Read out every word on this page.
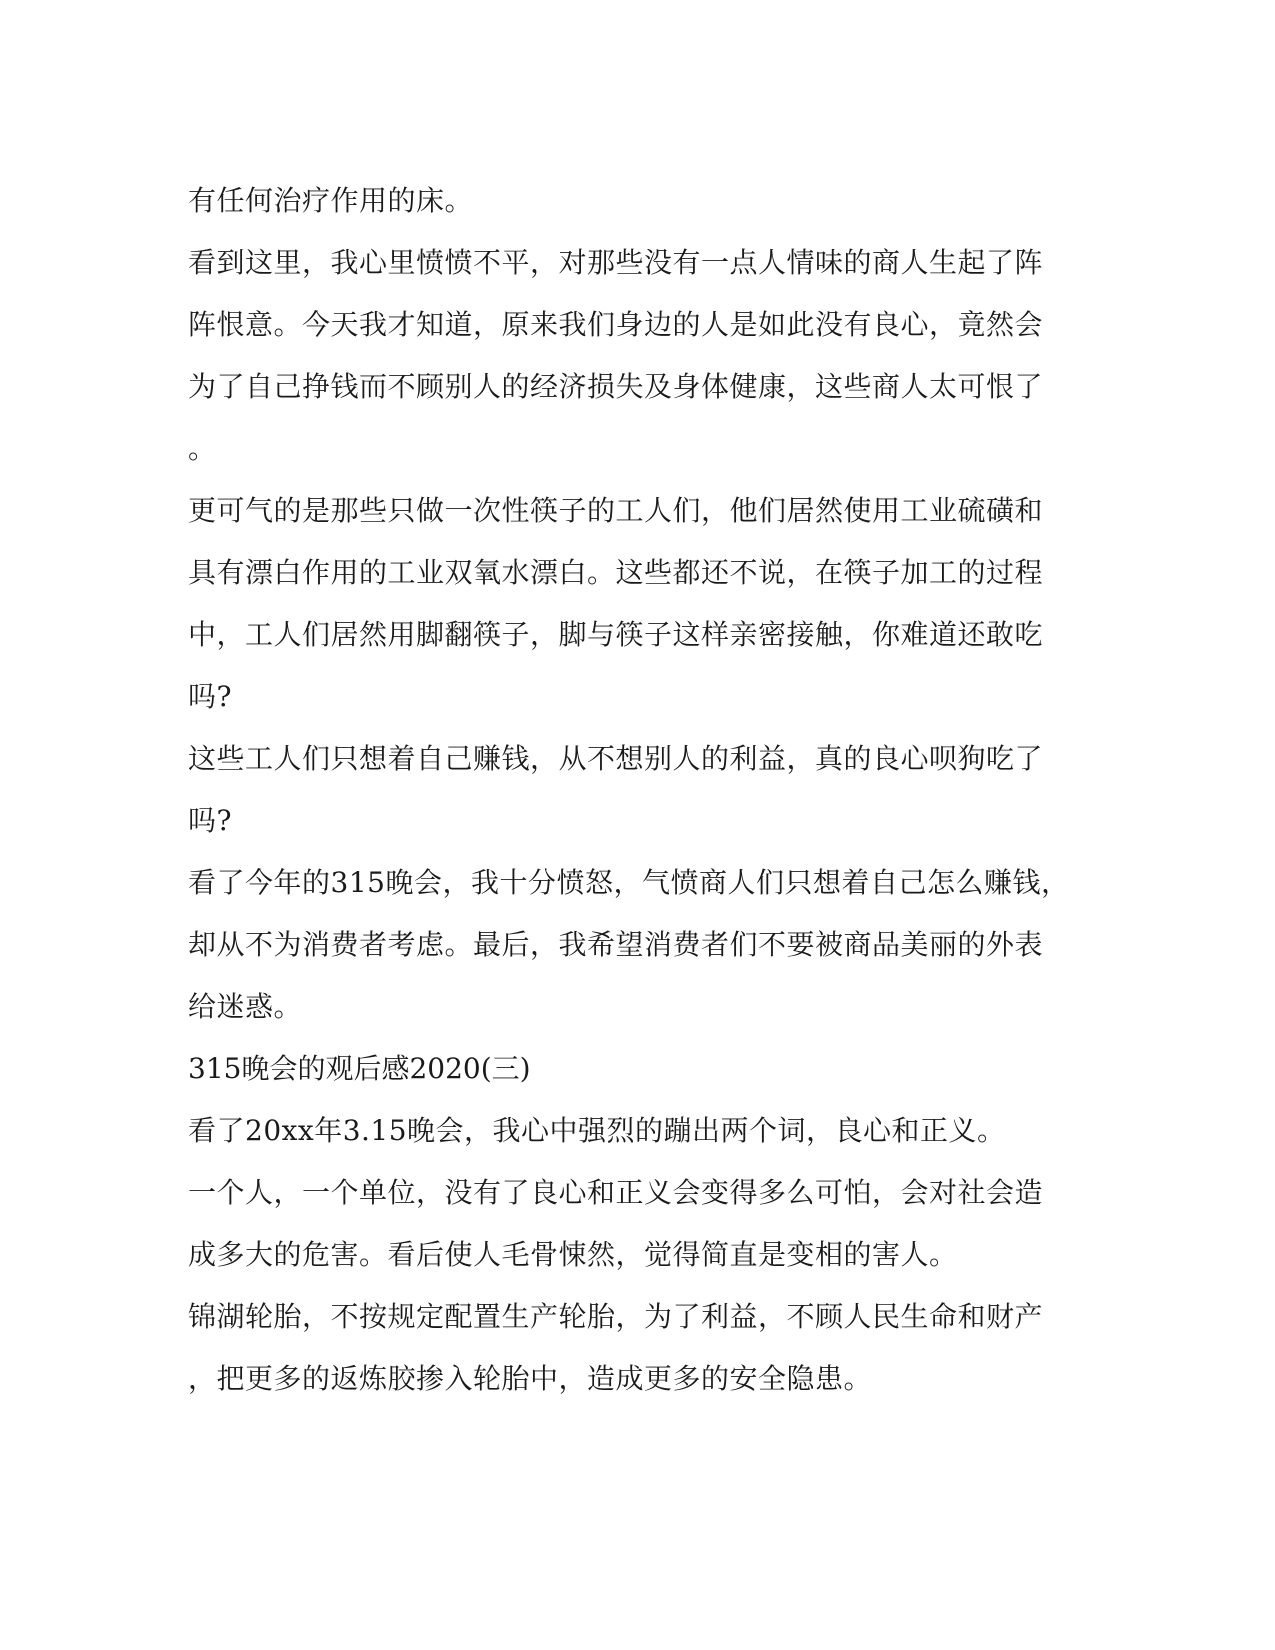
有任何治疗作用的床。
看到这里，我心里愤愤不平，对那些没有一点人情味的商人生起了阵
阵恨意。今天我才知道，原来我们身边的人是如此没有良心，竟然会
为了自己挣钱而不顾别人的经济损失及身体健康，这些商人太可恨了
。
更可气的是那些只做一次性筷子的工人们，他们居然使用工业硫磺和
具有漂白作用的工业双氧水漂白。这些都还不说，在筷子加工的过程
中，工人们居然用脚翻筷子，脚与筷子这样亲密接触，你难道还敢吃
吗?
这些工人们只想着自己赚钱，从不想别人的利益，真的良心呗狗吃了
吗?
看了今年的315晚会，我十分愤怒，气愤商人们只想着自己怎么赚钱，
却从不为消费者考虑。最后，我希望消费者们不要被商品美丽的外表
给迷惑。
315晚会的观后感2020(三)
看了20xx年3.15晚会，我心中强烈的蹦出两个词，良心和正义。
一个人，一个单位，没有了良心和正义会变得多么可怕，会对社会造
成多大的危害。看后使人毛骨悚然，觉得简直是变相的害人。
锦湖轮胎，不按规定配置生产轮胎，为了利益，不顾人民生命和财产
，把更多的返炼胶掺入轮胎中，造成更多的安全隐患。
